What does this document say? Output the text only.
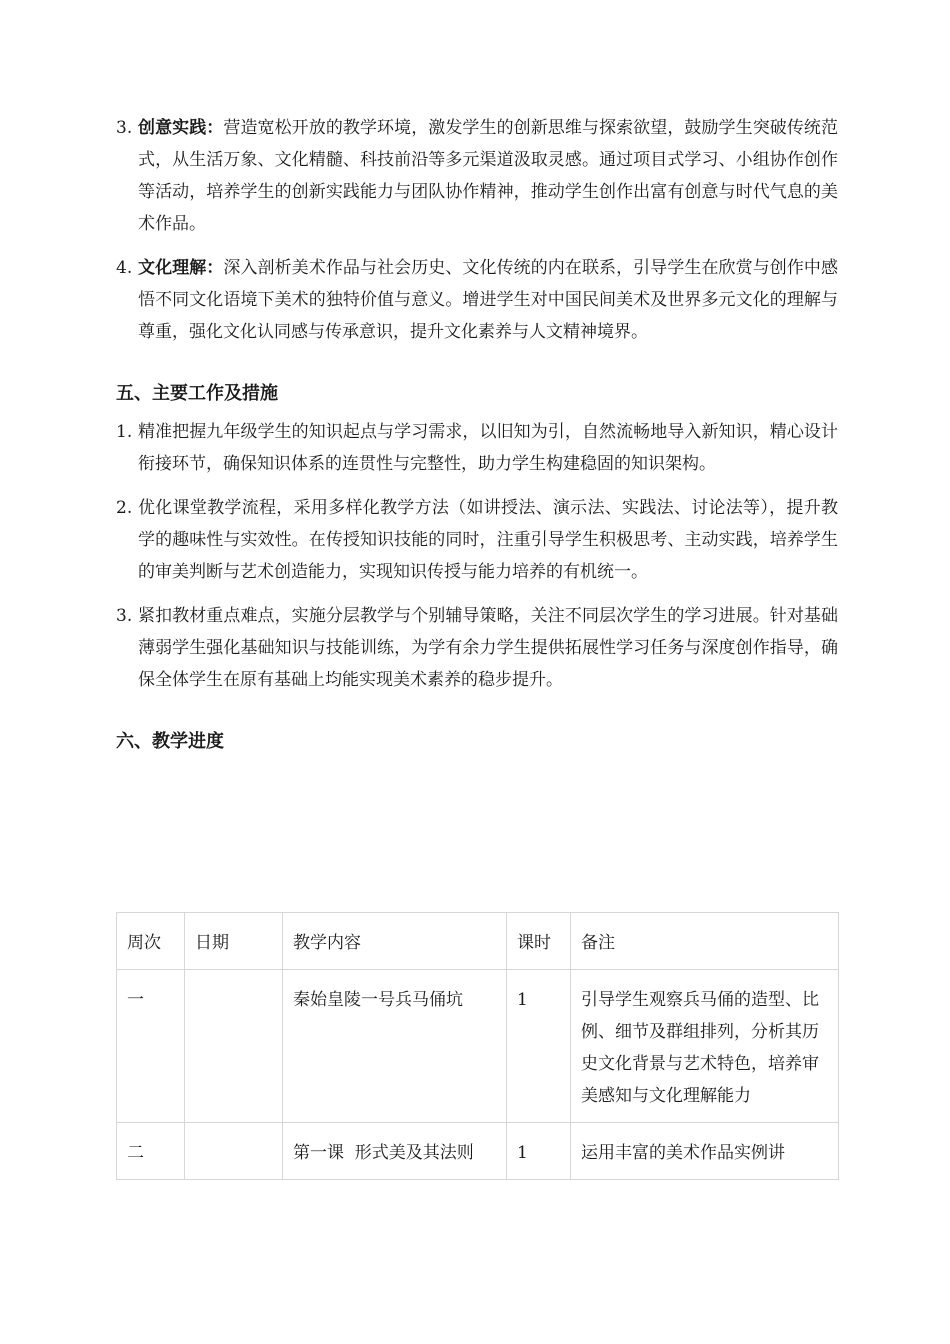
3. 创意实践：营造宽松开放的教学环境，激发学生的创新思维与探索欲望，鼓励学生突破传统范式，从生活万象、文化精髓、科技前沿等多元渠道汲取灵感。通过项目式学习、小组协作创作等活动，培养学生的创新实践能力与团队协作精神，推动学生创作出富有创意与时代气息的美术作品。

4. 文化理解：深入剖析美术作品与社会历史、文化传统的内在联系，引导学生在欣赏与创作中感悟不同文化语境下美术的独特价值与意义。增进学生对中国民间美术及世界多元文化的理解与尊重，强化文化认同感与传承意识，提升文化素养与人文精神境界。

五、主要工作及措施

1. 精准把握九年级学生的知识起点与学习需求，以旧知为引，自然流畅地导入新知识，精心设计衔接环节，确保知识体系的连贯性与完整性，助力学生构建稳固的知识架构。

2. 优化课堂教学流程，采用多样化教学方法（如讲授法、演示法、实践法、讨论法等），提升教学的趣味性与实效性。在传授知识技能的同时，注重引导学生积极思考、主动实践，培养学生的审美判断与艺术创造能力，实现知识传授与能力培养的有机统一。

3. 紧扣教材重点难点，实施分层教学与个别辅导策略，关注不同层次学生的学习进展。针对基础薄弱学生强化基础知识与技能训练，为学有余力学生提供拓展性学习任务与深度创作指导，确保全体学生在原有基础上均能实现美术素养的稳步提升。

六、教学进度
周次	日期	教学内容	课时	备注
一		秦始皇陵一号兵马俑坑	1	引导学生观察兵马俑的造型、比例、细节及群组排列，分析其历史文化背景与艺术特色，培养审美感知与文化理解能力
二		第一课  形式美及其法则	1	运用丰富的美术作品实例讲
